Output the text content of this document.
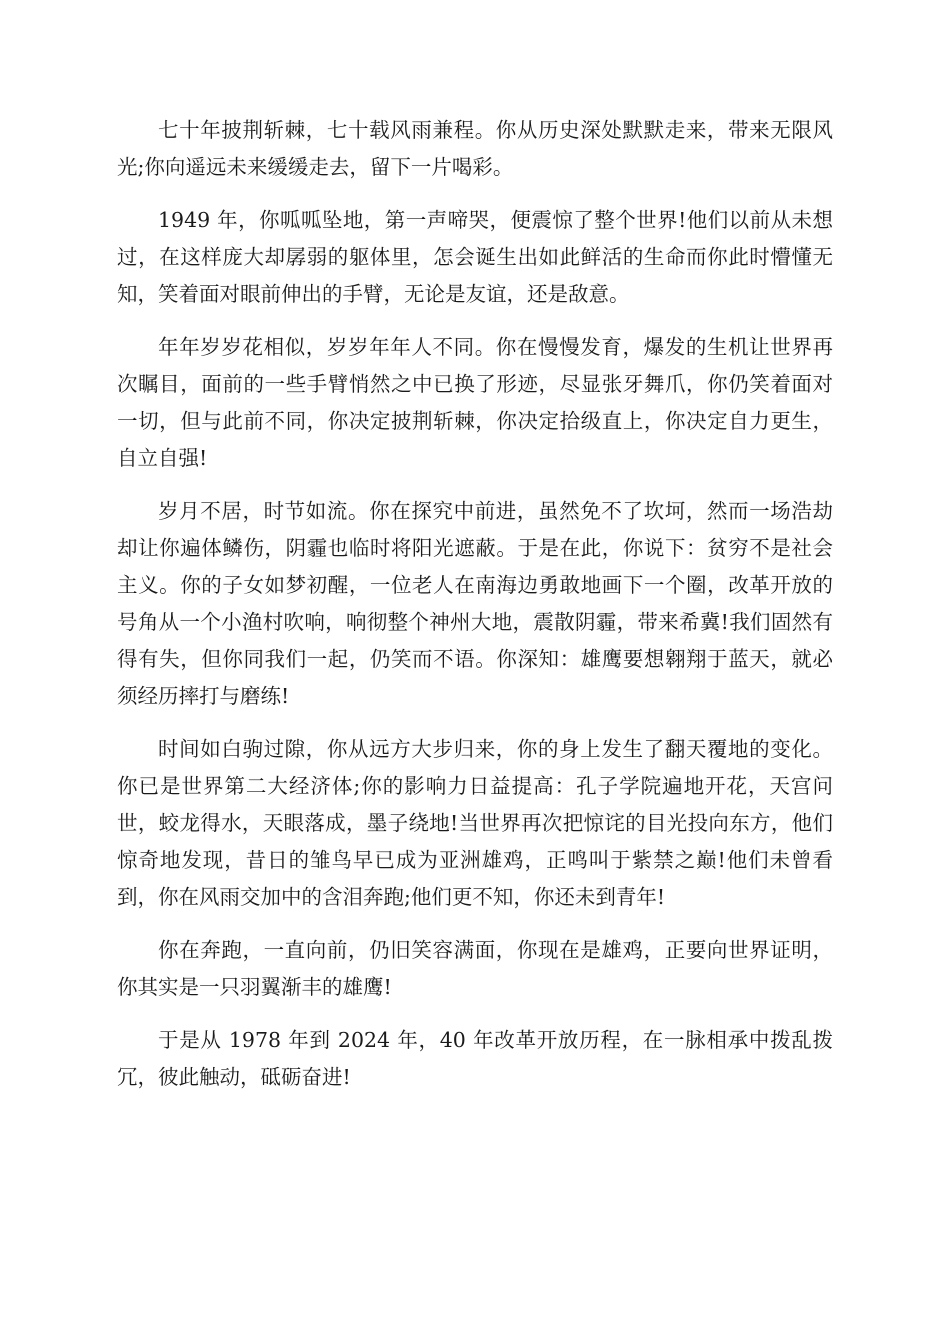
七十年披荆斩棘，七十载风雨兼程。你从历史深处默默走来，带来无限风光;你向遥远未来缓缓走去，留下一片喝彩。

1949 年，你呱呱坠地，第一声啼哭，便震惊了整个世界!他们以前从未想过，在这样庞大却孱弱的躯体里，怎会诞生出如此鲜活的生命而你此时懵懂无知，笑着面对眼前伸出的手臂，无论是友谊，还是敌意。

年年岁岁花相似，岁岁年年人不同。你在慢慢发育，爆发的生机让世界再次瞩目，面前的一些手臂悄然之中已换了形迹，尽显张牙舞爪，你仍笑着面对一切，但与此前不同，你决定披荆斩棘，你决定拾级直上，你决定自力更生，自立自强!

岁月不居，时节如流。你在探究中前进，虽然免不了坎坷，然而一场浩劫却让你遍体鳞伤，阴霾也临时将阳光遮蔽。于是在此，你说下：贫穷不是社会主义。你的子女如梦初醒，一位老人在南海边勇敢地画下一个圈，改革开放的号角从一个小渔村吹响，响彻整个神州大地，震散阴霾，带来希冀!我们固然有得有失，但你同我们一起，仍笑而不语。你深知：雄鹰要想翱翔于蓝天，就必须经历摔打与磨练!

时间如白驹过隙，你从远方大步归来，你的身上发生了翻天覆地的变化。你已是世界第二大经济体;你的影响力日益提高：孔子学院遍地开花，天宫问世，蛟龙得水，天眼落成，墨子绕地!当世界再次把惊诧的目光投向东方，他们惊奇地发现，昔日的雏鸟早已成为亚洲雄鸡，正鸣叫于紫禁之巅!他们未曾看到，你在风雨交加中的含泪奔跑;他们更不知，你还未到青年!

你在奔跑，一直向前，仍旧笑容满面，你现在是雄鸡，正要向世界证明，你其实是一只羽翼渐丰的雄鹰!

于是从 1978 年到 2024 年，40 年改革开放历程，在一脉相承中拨乱拨冗，彼此触动，砥砺奋进!
